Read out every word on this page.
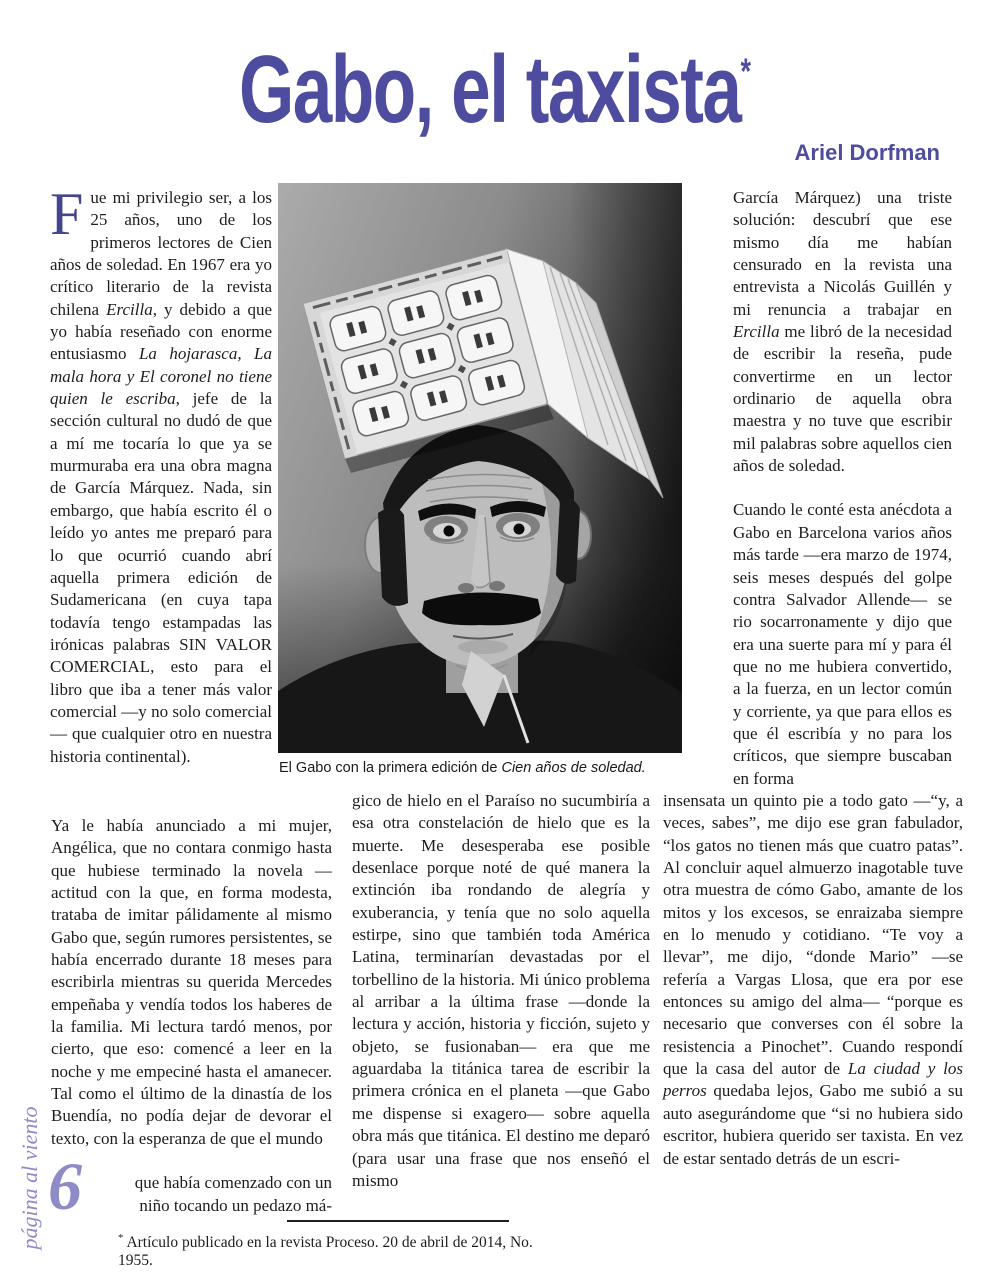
Gabo, el taxista*
Ariel Dorfman

Fue mi privilegio ser, a los 25 años, uno de los primeros lectores de Cien años de soledad. En 1967 era yo crítico literario de la revista chilena Ercilla, y debido a que yo había reseñado con enorme entusiasmo La hojarasca, La mala hora y El coronel no tiene quien le escriba, jefe de la sección cultural no dudó de que a mí me tocaría lo que ya se murmuraba era una obra magna de García Márquez. Nada, sin embargo, que había escrito él o leído yo antes me preparó para lo que ocurrió cuando abrí aquella primera edición de Sudamericana (en cuya tapa todavía tengo estampadas las irónicas palabras SIN VALOR COMERCIAL, esto para el libro que iba a tener más valor comercial —y no solo comercial— que cualquier otro en nuestra historia continental).

El Gabo con la primera edición de Cien años de soledad.

García Márquez) una triste solución: descubrí que ese mismo día me habían censurado en la revista una entrevista a Nicolás Guillén y mi renuncia a trabajar en Ercilla me libró de la necesidad de escribir la reseña, pude convertirme en un lector ordinario de aquella obra maestra y no tuve que escribir mil palabras sobre aquellos cien años de soledad.

Cuando le conté esta anécdota a Gabo en Barcelona varios años más tarde —era marzo de 1974, seis meses después del golpe contra Salvador Allende— se rio socarronamente y dijo que era una suerte para mí y para él que no me hubiera convertido, a la fuerza, en un lector común y corriente, ya que para ellos es que él escribía y no para los críticos, que siempre buscaban en forma

Ya le había anunciado a mi mujer, Angélica, que no contara conmigo hasta que hubiese terminado la novela —actitud con la que, en forma modesta, trataba de imitar pálidamente al mismo Gabo que, según rumores persistentes, se había encerrado durante 18 meses para escribirla mientras su querida Mercedes empeñaba y vendía todos los haberes de la familia. Mi lectura tardó menos, por cierto, que eso: comencé a leer en la noche y me empeciné hasta el amanecer. Tal como el último de la dinastía de los Buendía, no podía dejar de devorar el texto, con la esperanza de que el mundo

que había comenzado con un
niño tocando un pedazo má-

gico de hielo en el Paraíso no sucumbiría a esa otra constelación de hielo que es la muerte. Me desesperaba ese posible desenlace porque noté de qué manera la extinción iba rondando de alegría y exuberancia, y tenía que no solo aquella estirpe, sino que también toda América Latina, terminarían devastadas por el torbellino de la historia. Mi único problema al arribar a la última frase —donde la lectura y acción, historia y ficción, sujeto y objeto, se fusionaban— era que me aguardaba la titánica tarea de escribir la primera crónica en el planeta —que Gabo me dispense si exagero— sobre aquella obra más que titánica. El destino me deparó (para usar una frase que nos enseñó el mismo

insensata un quinto pie a todo gato —“y, a veces, sabes”, me dijo ese gran fabulador, “los gatos no tienen más que cuatro patas”. Al concluir aquel almuerzo inagotable tuve otra muestra de cómo Gabo, amante de los mitos y los excesos, se enraizaba siempre en lo menudo y cotidiano. “Te voy a llevar”, me dijo, “donde Mario” —se refería a Vargas Llosa, que era por ese entonces su amigo del alma— “porque es necesario que converses con él sobre la resistencia a Pinochet”. Cuando respondí que la casa del autor de La ciudad y los perros quedaba lejos, Gabo me subió a su auto asegurándome que “si no hubiera sido escritor, hubiera querido ser taxista. En vez de estar sentado detrás de un escri-

* Artículo publicado en la revista Proceso. 20 de abril de 2014, No. 1955.
página al viento 6
